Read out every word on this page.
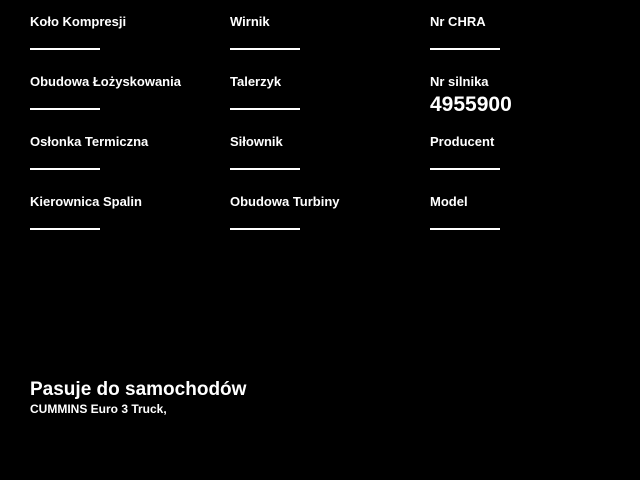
Koło Kompresji
Obudowa Łożyskowania
Osłonka Termiczna
Kierownica Spalin
Wirnik
Talerzyk
Siłownik
Obudowa Turbiny
Nr CHRA
Nr silnika
4955900
Producent
Model
Pasuje do samochodów
CUMMINS Euro 3 Truck,
